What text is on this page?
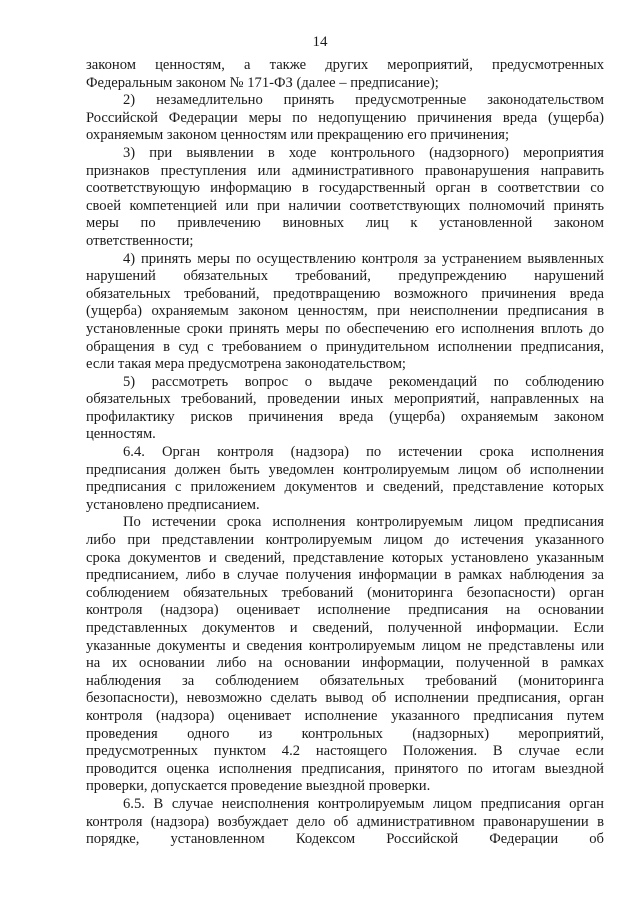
14
законом ценностям, а также других мероприятий, предусмотренных
Федеральным законом № 171-ФЗ (далее – предписание);
2) незамедлительно принять предусмотренные законодательством
Российской Федерации меры по недопущению причинения вреда (ущерба)
охраняемым законом ценностям или прекращению его причинения;
3) при выявлении в ходе контрольного (надзорного) мероприятия
признаков преступления или административного правонарушения направить
соответствующую информацию в государственный орган в соответствии со
своей компетенцией или при наличии соответствующих полномочий принять
меры по привлечению виновных лиц к установленной законом
ответственности;
4) принять меры по осуществлению контроля за устранением выявленных
нарушений обязательных требований, предупреждению нарушений
обязательных требований, предотвращению возможного причинения вреда
(ущерба) охраняемым законом ценностям, при неисполнении предписания в
установленные сроки принять меры по обеспечению его исполнения вплоть до
обращения в суд с требованием о принудительном исполнении предписания,
если такая мера предусмотрена законодательством;
5) рассмотреть вопрос о выдаче рекомендаций по соблюдению
обязательных требований, проведении иных мероприятий, направленных на
профилактику рисков причинения вреда (ущерба) охраняемым законом
ценностям.
6.4. Орган контроля (надзора) по истечении срока исполнения
предписания должен быть уведомлен контролируемым лицом об исполнении
предписания с приложением документов и сведений, представление которых
установлено предписанием.
По истечении срока исполнения контролируемым лицом предписания
либо при представлении контролируемым лицом до истечения указанного
срока документов и сведений, представление которых установлено указанным
предписанием, либо в случае получения информации в рамках наблюдения за
соблюдением обязательных требований (мониторинга безопасности) орган
контроля (надзора) оценивает исполнение предписания на основании
представленных документов и сведений, полученной информации. Если
указанные документы и сведения контролируемым лицом не представлены или
на их основании либо на основании информации, полученной в рамках
наблюдения за соблюдением обязательных требований (мониторинга
безопасности), невозможно сделать вывод об исполнении предписания, орган
контроля (надзора) оценивает исполнение указанного предписания путем
проведения одного из контрольных (надзорных) мероприятий,
предусмотренных пунктом 4.2 настоящего Положения. В случае если
проводится оценка исполнения предписания, принятого по итогам выездной
проверки, допускается проведение выездной проверки.
6.5. В случае неисполнения контролируемым лицом предписания орган
контроля (надзора) возбуждает дело об административном правонарушении в
порядке, установленном Кодексом Российской Федерации об
